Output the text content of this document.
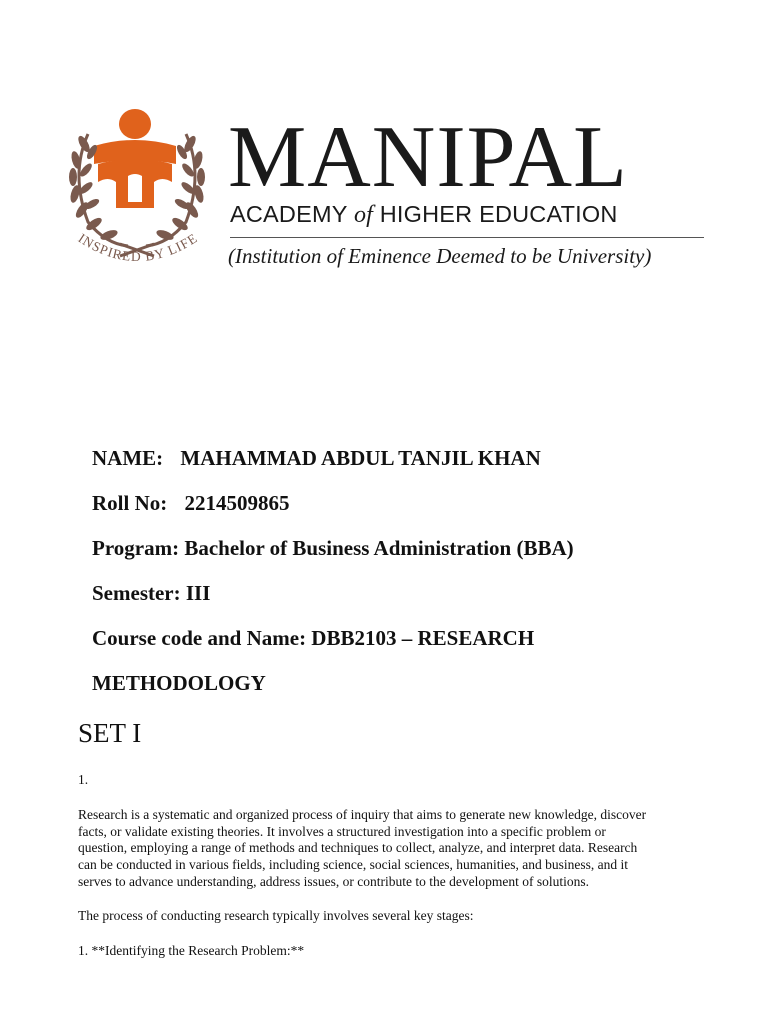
INSPIRED BY LIFE
MANIPAL
ACADEMY of HIGHER EDUCATION
(Institution of Eminence Deemed to be University)
NAME: MAHAMMAD ABDUL TANJIL KHAN
Roll No: 2214509865
Program: Bachelor of Business Administration (BBA)
Semester: III
Course code and Name: DBB2103 – RESEARCH
METHODOLOGY
SET I

1.

Research is a systematic and organized process of inquiry that aims to generate new knowledge, discover

facts, or validate existing theories. It involves a structured investigation into a specific problem or

question, employing a range of methods and techniques to collect, analyze, and interpret data. Research

can be conducted in various fields, including science, social sciences, humanities, and business, and it

serves to advance understanding, address issues, or contribute to the development of solutions.

The process of conducting research typically involves several key stages:

1. **Identifying the Research Problem:**
